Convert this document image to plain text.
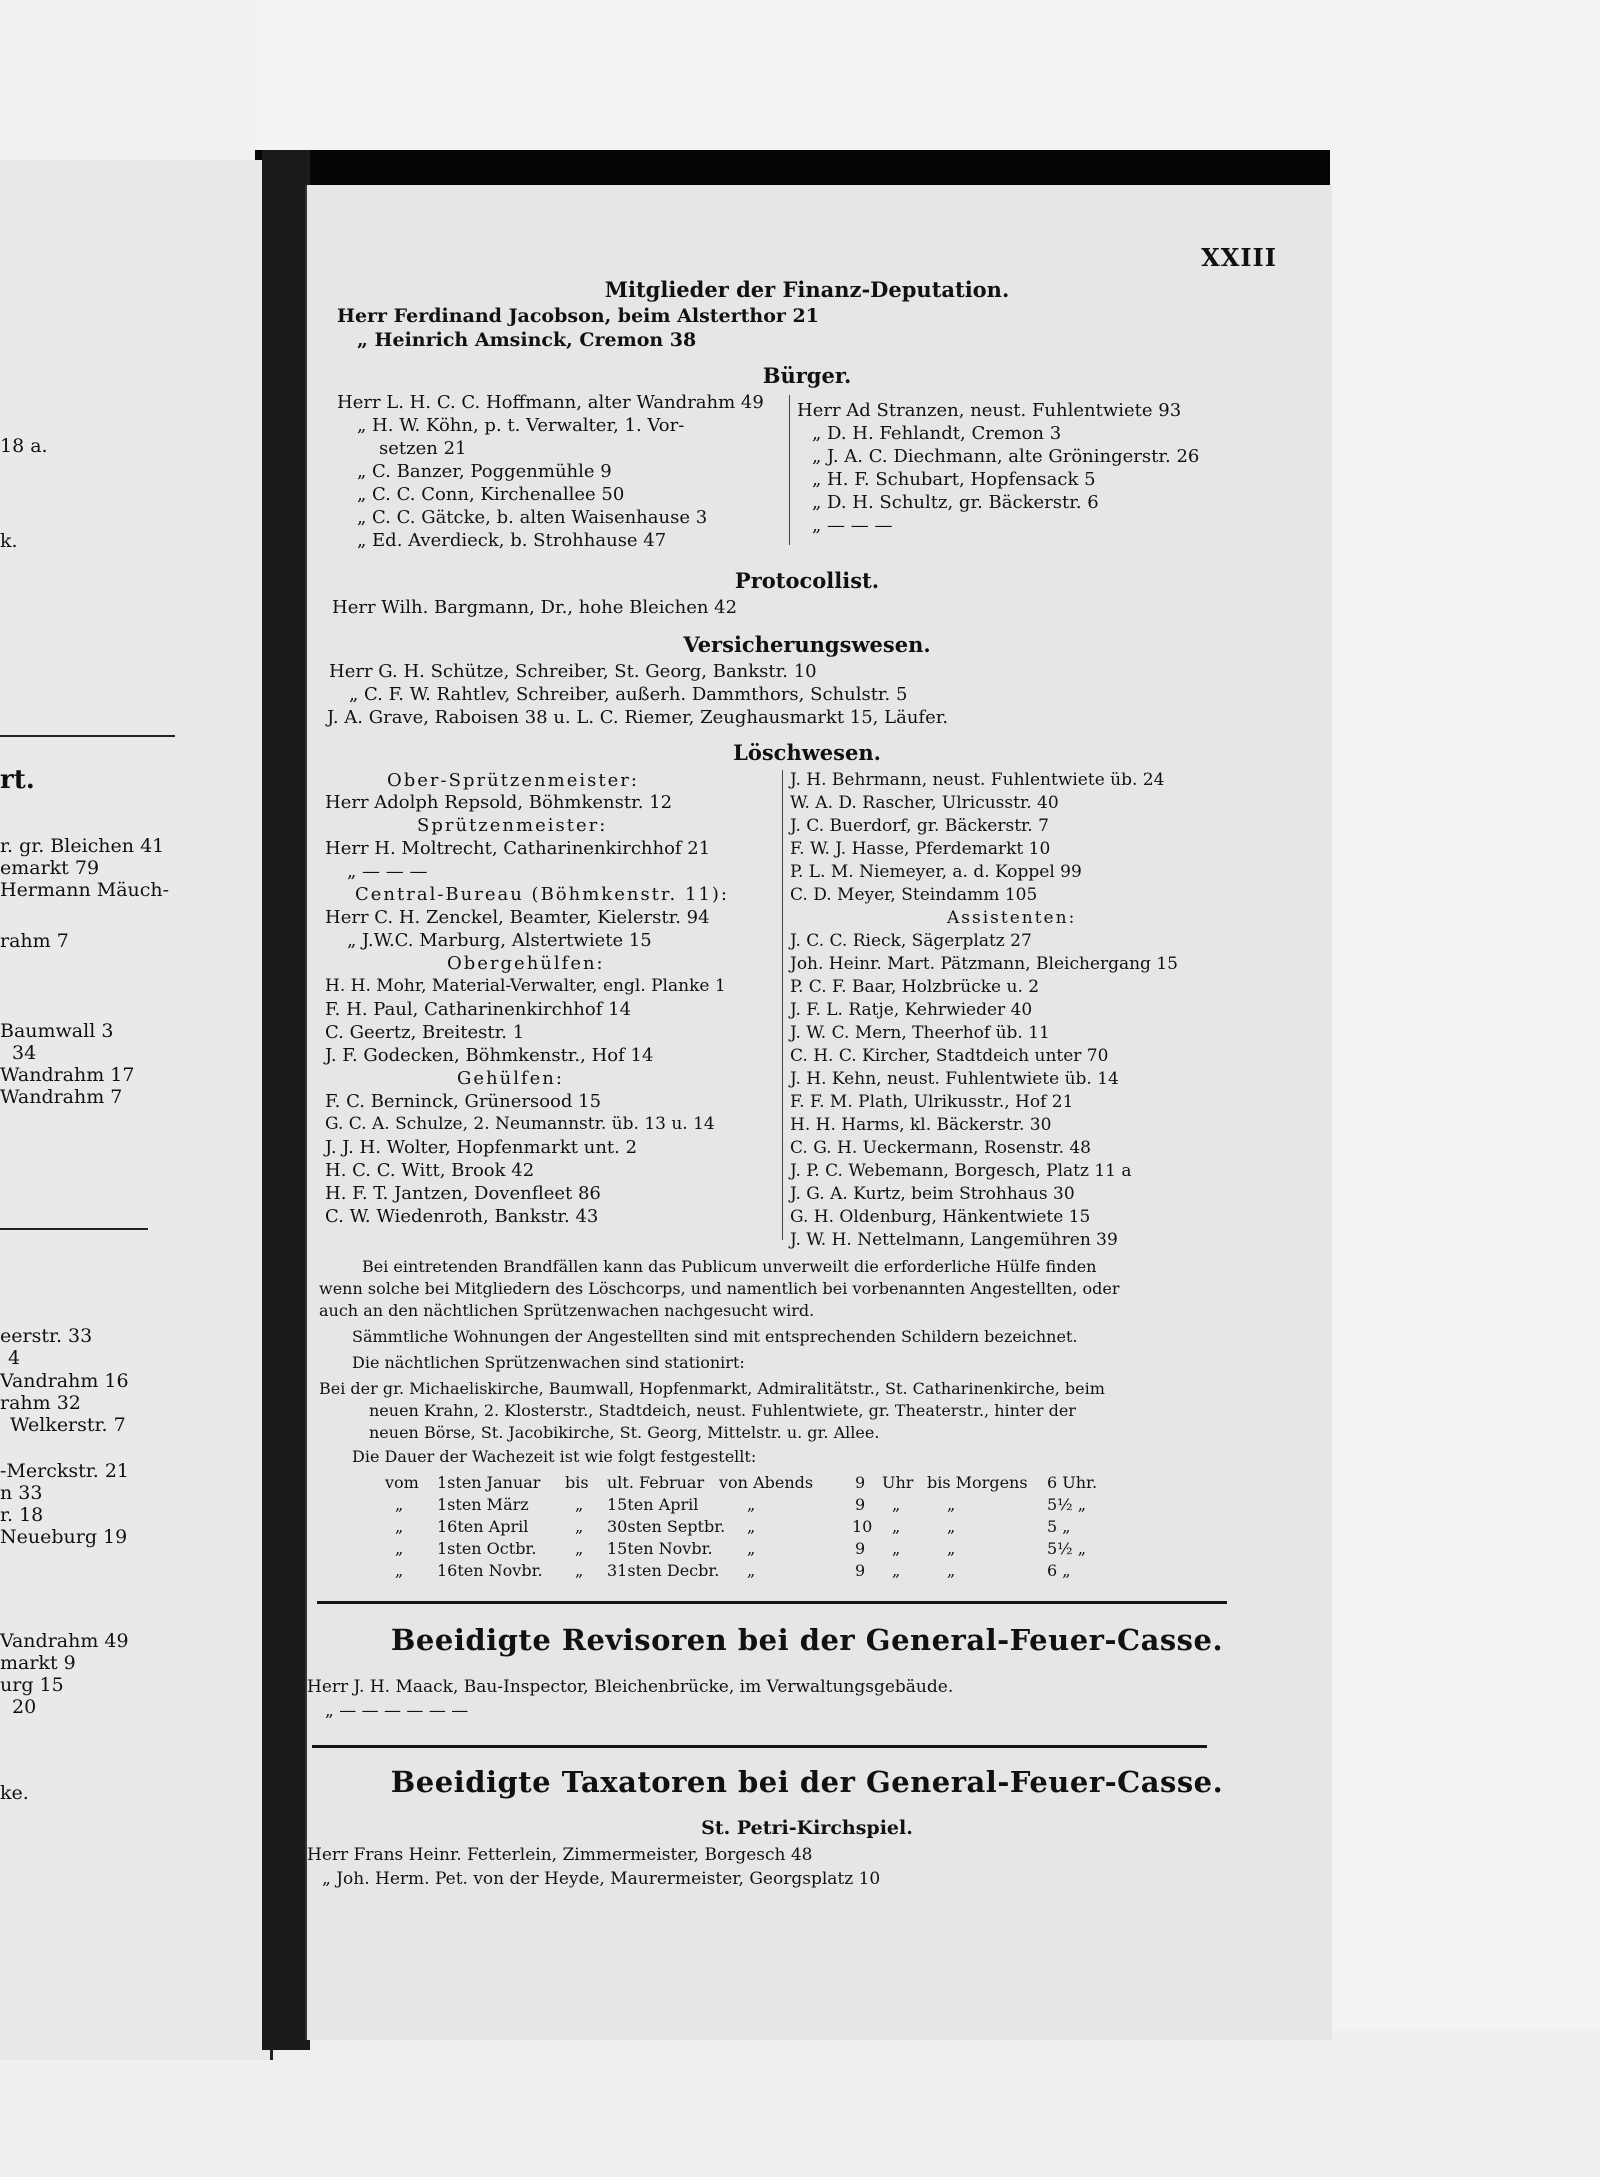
18 a.
k.
rt.
r. gr. Bleichen 41
emarkt 79
Hermann Mäuch-
rahm 7
Baumwall 3
34
Wandrahm 17
Wandrahm 7
eerstr. 33
4
Vandrahm 16
rahm 32
Welkerstr. 7
-Merckstr. 21
n 33
r. 18
Neueburg 19
Vandrahm 49
markt 9
urg 15
20
ke.
XXIII
Mitglieder der Finanz-Deputation.
Herr Ferdinand Jacobson, beim Alsterthor 21
„ Heinrich Amsinck, Cremon 38
Bürger.
Herr L. H. C. C. Hoffmann, alter Wandrahm 49
„ H. W. Köhn, p. t. Verwalter, 1. Vor-
setzen 21
„ C. Banzer, Poggenmühle 9
„ C. C. Conn, Kirchenallee 50
„ C. C. Gätcke, b. alten Waisenhause 3
„ Ed. Averdieck, b. Strohhause 47
Herr Ad Stranzen, neust. Fuhlentwiete 93
„ D. H. Fehlandt, Cremon 3
„ J. A. C. Diechmann, alte Gröningerstr. 26
„ H. F. Schubart, Hopfensack 5
„ D. H. Schultz, gr. Bäckerstr. 6
„ — — —
Protocollist.
Herr Wilh. Bargmann, Dr., hohe Bleichen 42
Versicherungswesen.
Herr G. H. Schütze, Schreiber, St. Georg, Bankstr. 10
„ C. F. W. Rahtlev, Schreiber, außerh. Dammthors, Schulstr. 5
J. A. Grave, Raboisen 38 u. L. C. Riemer, Zeughausmarkt 15, Läufer.
Löschwesen.
Ober-Sprützenmeister:
Herr Adolph Repsold, Böhmkenstr. 12
Sprützenmeister:
Herr H. Moltrecht, Catharinenkirchhof 21
„ — — —
Central-Bureau (Böhmkenstr. 11):
Herr C. H. Zenckel, Beamter, Kielerstr. 94
„ J.W.C. Marburg, Alstertwiete 15
Obergehülfen:
H. H. Mohr, Material-Verwalter, engl. Planke 1
F. H. Paul, Catharinenkirchhof 14
C. Geertz, Breitestr. 1
J. F. Godecken, Böhmkenstr., Hof 14
Gehülfen:
F. C. Berninck, Grünersood 15
G. C. A. Schulze, 2. Neumannstr. üb. 13 u. 14
J. J. H. Wolter, Hopfenmarkt unt. 2
H. C. C. Witt, Brook 42
H. F. T. Jantzen, Dovenfleet 86
C. W. Wiedenroth, Bankstr. 43
J. H. Behrmann, neust. Fuhlentwiete üb. 24
W. A. D. Rascher, Ulricusstr. 40
J. C. Buerdorf, gr. Bäckerstr. 7
F. W. J. Hasse, Pferdemarkt 10
P. L. M. Niemeyer, a. d. Koppel 99
C. D. Meyer, Steindamm 105
Assistenten:
J. C. C. Rieck, Sägerplatz 27
Joh. Heinr. Mart. Pätzmann, Bleichergang 15
P. C. F. Baar, Holzbrücke u. 2
J. F. L. Ratje, Kehrwieder 40
J. W. C. Mern, Theerhof üb. 11
C. H. C. Kircher, Stadtdeich unter 70
J. H. Kehn, neust. Fuhlentwiete üb. 14
F. F. M. Plath, Ulrikusstr., Hof 21
H. H. Harms, kl. Bäckerstr. 30
C. G. H. Ueckermann, Rosenstr. 48
J. P. C. Webemann, Borgesch, Platz 11 a
J. G. A. Kurtz, beim Strohhaus 30
G. H. Oldenburg, Hänkentwiete 15
J. W. H. Nettelmann, Langemühren 39
Bei eintretenden Brandfällen kann das Publicum unverweilt die erforderliche Hülfe finden
wenn solche bei Mitgliedern des Löschcorps, und namentlich bei vorbenannten Angestellten, oder
auch an den nächtlichen Sprützenwachen nachgesucht wird.
Sämmtliche Wohnungen der Angestellten sind mit entsprechenden Schildern bezeichnet.
Die nächtlichen Sprützenwachen sind stationirt:
Bei der gr. Michaeliskirche, Baumwall, Hopfenmarkt, Admiralitätstr., St. Catharinenkirche, beim
neuen Krahn, 2. Klosterstr., Stadtdeich, neust. Fuhlentwiete, gr. Theaterstr., hinter der
neuen Börse, St. Jacobikirche, St. Georg, Mittelstr. u. gr. Allee.
Die Dauer der Wachezeit ist wie folgt festgestellt:
vom 1sten Januar bis ult. Februar von Abends	9 Uhr bis Morgens 6 Uhr.
„ 1sten März	„ 15ten April	„	9 „	„	5½ „
„ 16ten April	„ 30sten Septbr. „	10 „	„	5 „
„ 1sten Octbr. „ 15ten Novbr. „	9 „	„	5½ „
„ 16ten Novbr. „ 31sten Decbr. „	9 „	„	6 „
Beeidigte Revisoren bei der General-Feuer-Casse.
Herr J. H. Maack, Bau-Inspector, Bleichenbrücke, im Verwaltungsgebäude.
„ — — — — — —
Beeidigte Taxatoren bei der General-Feuer-Casse.
St. Petri-Kirchspiel.
Herr Frans Heinr. Fetterlein, Zimmermeister, Borgesch 48
„ Joh. Herm. Pet. von der Heyde, Maurermeister, Georgsplatz 10
